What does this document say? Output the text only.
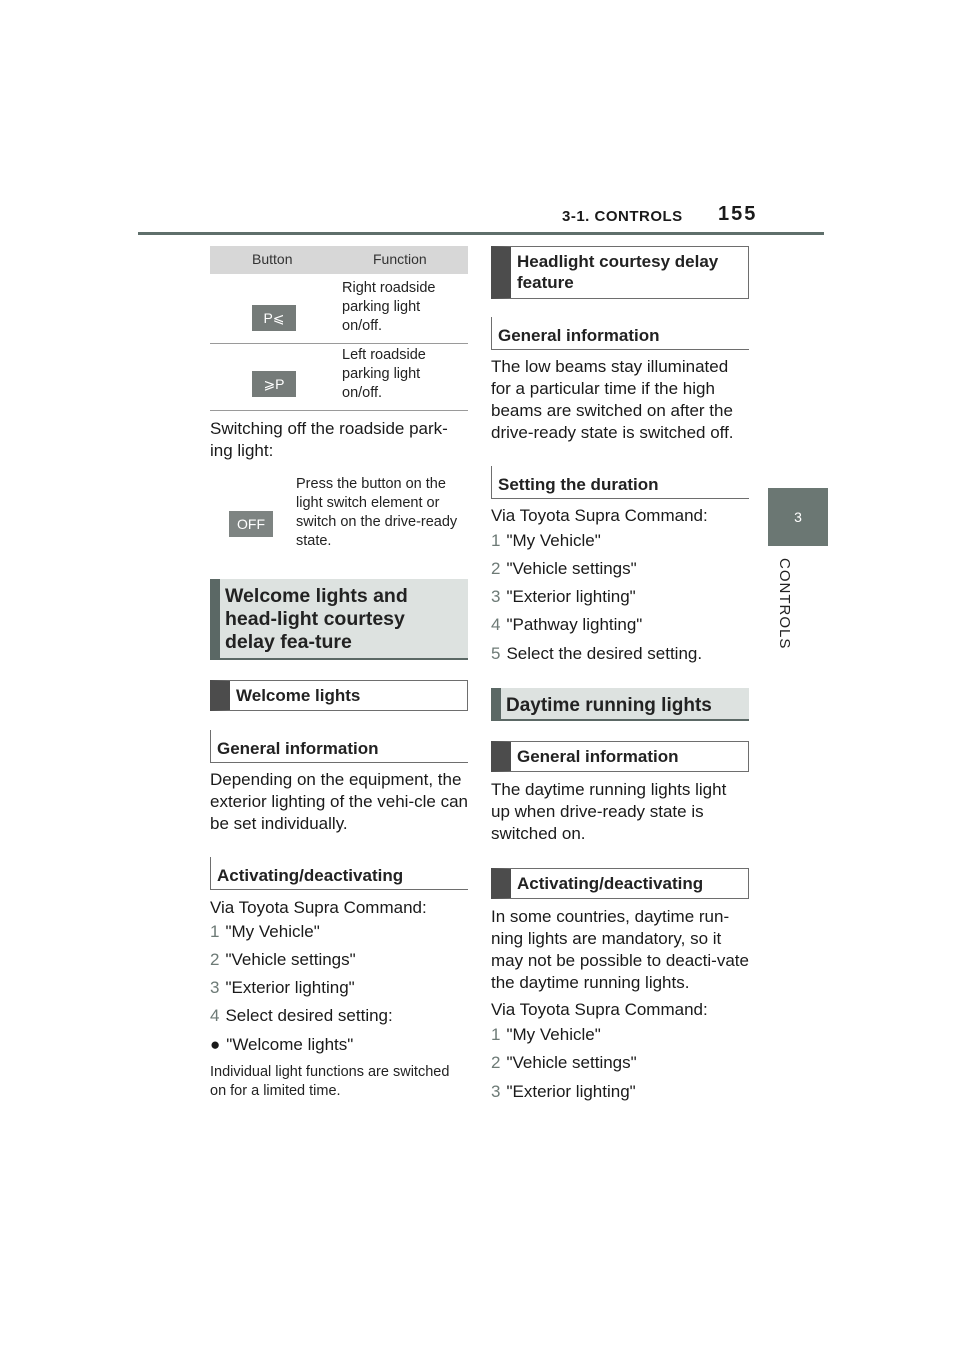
3-1. CONTROLS 155
3
CONTROLS
Button	Function
P⩽
Right roadside parking light on/off.
⩾P
Left roadside parking light on/off.
Switching off the roadside park-ing light:
OFF
Press the button on the light switch element or switch on the drive-ready state.
Welcome lights and head-light courtesy delay fea-ture
Welcome lights
General information
Depending on the equipment, the exterior lighting of the vehi-cle can be set individually.
Activating/deactivating
Via Toyota Supra Command:
1 "My Vehicle"
2 "Vehicle settings"
3 "Exterior lighting"
4 Select desired setting:
● "Welcome lights"
Individual light functions are switched on for a limited time.
Headlight courtesy delay feature
General information
The low beams stay illuminated for a particular time if the high beams are switched on after the drive-ready state is switched off.
Setting the duration
Via Toyota Supra Command:
1 "My Vehicle"
2 "Vehicle settings"
3 "Exterior lighting"
4 "Pathway lighting"
5 Select the desired setting.
Daytime running lights
General information
The daytime running lights light up when drive-ready state is switched on.
Activating/deactivating
In some countries, daytime run-ning lights are mandatory, so it may not be possible to deacti-vate the daytime running lights.
Via Toyota Supra Command:
1 "My Vehicle"
2 "Vehicle settings"
3 "Exterior lighting"
